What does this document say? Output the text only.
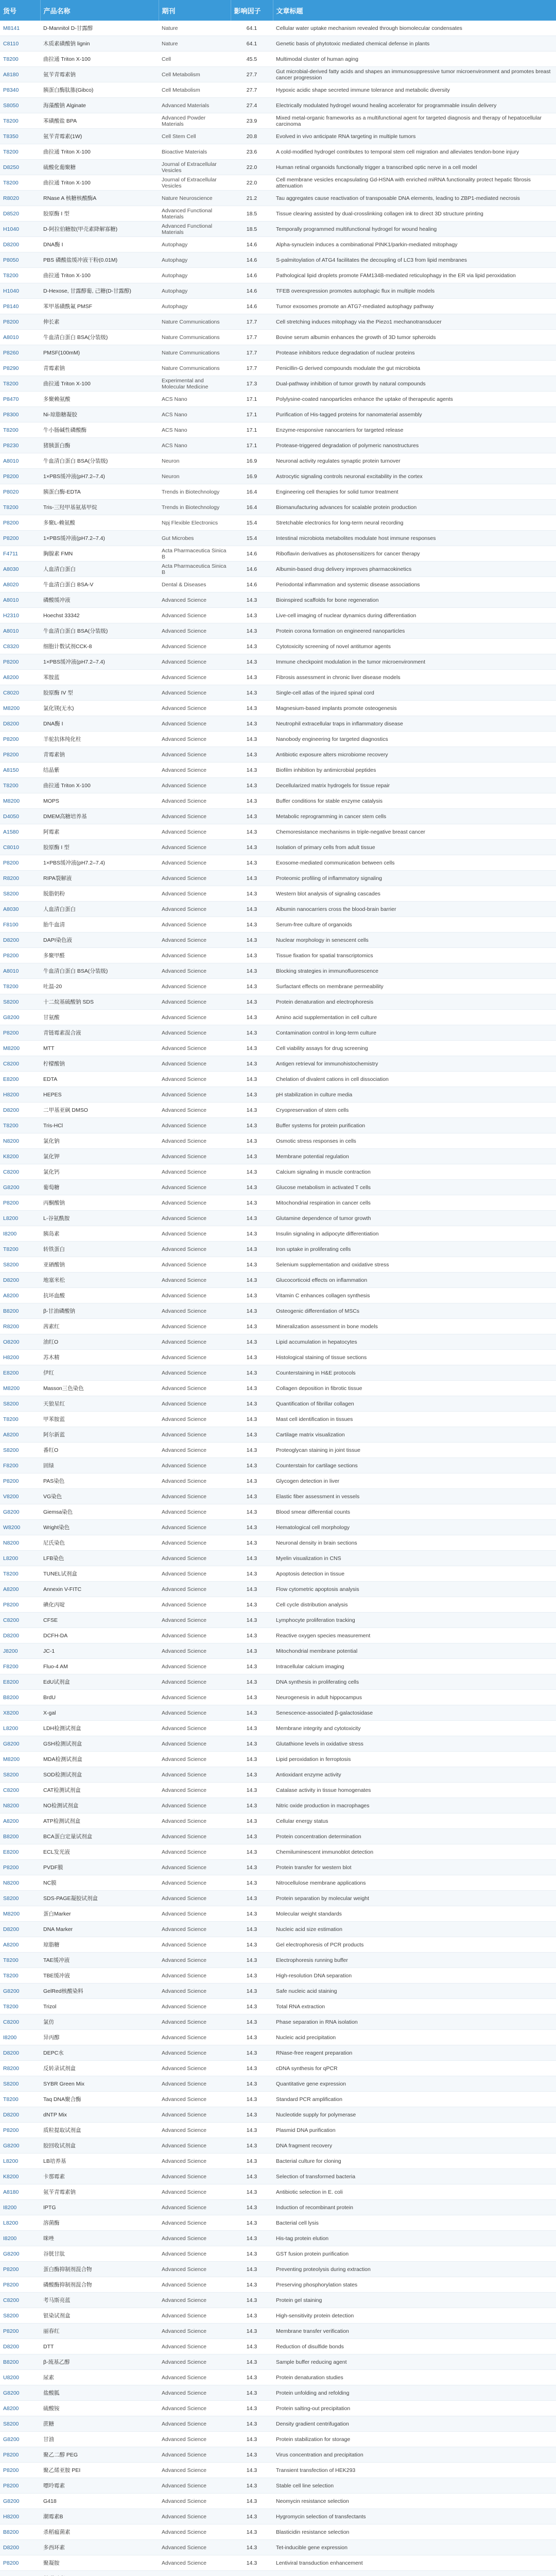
货号	产品名称	期刊	影响因子	文章标题
M8141	D-Mannitol D-甘露醇	Nature	64.1	Cellular water uptake mechanism revealed through biomolecular condensates
C8110	木质素磺酸钠 lignin	Nature	64.1	Genetic basis of phytotoxic mediated chemical defense in plants
T8200	曲拉通 Triton X-100	Cell	45.5	Multimodal cluster of human aging
A8180	氨苄青霉素钠	Cell Metabolism	27.7	Gut microbial-derived fatty acids and shapes an immunosuppressive tumor microenvironment and promotes breast cancer progression
P8340	胰蛋白酶肽胨(Gibco)	Cell Metabolism	27.7	Hypoxic acidic shape secreted immune tolerance and metabolic diversity
S8050	海藻酸钠 Alginate	Advanced Materials	27.4	Electrically modulated hydrogel wound healing accelerator for programmable insulin delivery
T8200	苯磺酸盐 BPA	Advanced Powder Materials	23.9	Mixed metal-organic frameworks as a multifunctional agent for targeted diagnosis and therapy of hepatocellular carcinoma
T8350	氨苄青霉素(1W)	Cell Stem Cell	20.8	Evolved in vivo anticipate RNA targeting in multiple tumors
T8200	曲拉通 Triton X-100	Bioactive Materials	23.6	A cold-modified hydrogel contributes to temporal stem cell migration and alleviates tendon-bone injury
D8250	硫酸化葡聚糖	Journal of Extracellular Vesicles	22.0	Human retinal organoids functionally trigger a transcribed optic nerve in a cell model
T8200	曲拉通 Triton X-100	Journal of Extracellular Vesicles	22.0	Cell membrane vesicles encapsulating Gd-HSNA with enriched miRNA functionality protect hepatic fibrosis attenuation
R8020	RNase A 核糖核酸酶A	Nature Neuroscience	21.2	Tau aggregates cause reactivation of transposable DNA elements, leading to ZBP1-mediated necrosis
D8520	胶原酶 I 型	Advanced Functional Materials	18.5	Tissue clearing assisted by dual-crosslinking collagen ink to direct 3D structure printing
H1040	D-阿拉伯糖胺(甲壳素降解寡糖)	Advanced Functional Materials	18.5	Temporally programmed multifunctional hydrogel for wound healing
D8200	DNA酶 I	Autophagy	14.6	Alpha-synuclein induces a combinational PINK1/parkin-mediated mitophagy
P8050	PBS 磷酸盐缓冲液干粉(0.01M)	Autophagy	14.6	S-palmitoylation of ATG4 facilitates the decoupling of LC3 from lipid membranes
T8200	曲拉通 Triton X-100	Autophagy	14.6	Pathological lipid droplets promote FAM134B-mediated reticulophagy in the ER via lipid peroxidation
H1040	D-Hexose, 甘露醇葡, 己糖(D-甘露醇)	Autophagy	14.6	TFEB overexpression promotes autophagic flux in multiple models
P8140	苯甲基磺酰氟 PMSF	Autophagy	14.6	Tumor exosomes promote an ATG7-mediated autophagy pathway
P8200	伸长素	Nature Communications	17.7	Cell stretching induces mitophagy via the Piezo1 mechanotransducer
A8010	牛血清白蛋白 BSA(分装级)	Nature Communications	17.7	Bovine serum albumin enhances the growth of 3D tumor spheroids
P8260	PMSF(100mM)	Nature Communications	17.7	Protease inhibitors reduce degradation of nuclear proteins
P8290	青霉素钠	Nature Communications	17.7	Penicillin-G derived compounds modulate the gut microbiota
T8200	曲拉通 Triton X-100	Experimental and Molecular Medicine	17.3	Dual-pathway inhibition of tumor growth by natural compounds
P8470	多聚赖氨酸	ACS Nano	17.1	Polylysine-coated nanoparticles enhance the uptake of therapeutic agents
P8300	Ni-琼脂糖凝胶	ACS Nano	17.1	Purification of His-tagged proteins for nanomaterial assembly
T8200	牛小肠碱性磷酸酶	ACS Nano	17.1	Enzyme-responsive nanocarriers for targeted release
P8230	猪胰蛋白酶	ACS Nano	17.1	Protease-triggered degradation of polymeric nanostructures
A8010	牛血清白蛋白 BSA(分装级)	Neuron	16.9	Neuronal activity regulates synaptic protein turnover
P8200	1×PBS缓冲液(pH7.2–7.4)	Neuron	16.9	Astrocytic signaling controls neuronal excitability in the cortex
P8020	胰蛋白酶-EDTA	Trends in Biotechnology	16.4	Engineering cell therapies for solid tumor treatment
T8200	Tris-三羟甲基氨基甲烷	Trends in Biotechnology	16.4	Biomanufacturing advances for scalable protein production
P8200	多聚L-赖氨酸	Npj Flexible Electronics	15.4	Stretchable electronics for long-term neural recording
P8200	1×PBS缓冲液(pH7.2–7.4)	Gut Microbes	15.4	Intestinal microbiota metabolites modulate host immune responses
F4711	胸腺素 FMN	Acta Pharmaceutica Sinica B	14.6	Riboflavin derivatives as photosensitizers for cancer therapy
A8030	人血清白蛋白	Acta Pharmaceutica Sinica B	14.6	Albumin-based drug delivery improves pharmacokinetics
A8020	牛血清白蛋白 BSA-V	Dental & Diseases	14.6	Periodontal inflammation and systemic disease associations
A8010	磷酸缓冲液	Advanced Science	14.3	Bioinspired scaffolds for bone regeneration
H2310	Hoechst 33342	Advanced Science	14.3	Live-cell imaging of nuclear dynamics during differentiation
A8010	牛血清白蛋白 BSA(分装级)	Advanced Science	14.3	Protein corona formation on engineered nanoparticles
C8320	细胞计数试剂CCK-8	Advanced Science	14.3	Cytotoxicity screening of novel antitumor agents
P8200	1×PBS缓冲液(pH7.2–7.4)	Advanced Science	14.3	Immune checkpoint modulation in the tumor microenvironment
A8200	苯胺蓝	Advanced Science	14.3	Fibrosis assessment in chronic liver disease models
C8020	胶原酶 IV 型	Advanced Science	14.3	Single-cell atlas of the injured spinal cord
M8200	氯化镁(无水)	Advanced Science	14.3	Magnesium-based implants promote osteogenesis
D8200	DNA酶 I	Advanced Science	14.3	Neutrophil extracellular traps in inflammatory disease
P8200	羊驼抗体纯化柱	Advanced Science	14.3	Nanobody engineering for targeted diagnostics
P8200	青霉素钠	Advanced Science	14.3	Antibiotic exposure alters microbiome recovery
A8150	结晶紫	Advanced Science	14.3	Biofilm inhibition by antimicrobial peptides
T8200	曲拉通 Triton X-100	Advanced Science	14.3	Decellularized matrix hydrogels for tissue repair
M8200	MOPS	Advanced Science	14.3	Buffer conditions for stable enzyme catalysis
D4050	DMEM高糖培养基	Advanced Science	14.3	Metabolic reprogramming in cancer stem cells
A1580	阿霉素	Advanced Science	14.3	Chemoresistance mechanisms in triple-negative breast cancer
C8010	胶原酶 I 型	Advanced Science	14.3	Isolation of primary cells from adult tissue
P8200	1×PBS缓冲液(pH7.2–7.4)	Advanced Science	14.3	Exosome-mediated communication between cells
R8200	RIPA裂解液	Advanced Science	14.3	Proteomic profiling of inflammatory signaling
S8200	脱脂奶粉	Advanced Science	14.3	Western blot analysis of signaling cascades
A8030	人血清白蛋白	Advanced Science	14.3	Albumin nanocarriers cross the blood-brain barrier
F8100	胎牛血清	Advanced Science	14.3	Serum-free culture of organoids
D8200	DAPI染色液	Advanced Science	14.3	Nuclear morphology in senescent cells
P8200	多聚甲醛	Advanced Science	14.3	Tissue fixation for spatial transcriptomics
A8010	牛血清白蛋白 BSA(分装级)	Advanced Science	14.3	Blocking strategies in immunofluorescence
T8200	吐温-20	Advanced Science	14.3	Surfactant effects on membrane permeability
S8200	十二烷基硫酸钠 SDS	Advanced Science	14.3	Protein denaturation and electrophoresis
G8200	甘氨酸	Advanced Science	14.3	Amino acid supplementation in cell culture
P8200	青链霉素混合液	Advanced Science	14.3	Contamination control in long-term culture
M8200	MTT	Advanced Science	14.3	Cell viability assays for drug screening
C8200	柠檬酸钠	Advanced Science	14.3	Antigen retrieval for immunohistochemistry
E8200	EDTA	Advanced Science	14.3	Chelation of divalent cations in cell dissociation
H8200	HEPES	Advanced Science	14.3	pH stabilization in culture media
D8200	二甲基亚砜 DMSO	Advanced Science	14.3	Cryopreservation of stem cells
T8200	Tris-HCl	Advanced Science	14.3	Buffer systems for protein purification
N8200	氯化钠	Advanced Science	14.3	Osmotic stress responses in cells
K8200	氯化钾	Advanced Science	14.3	Membrane potential regulation
C8200	氯化钙	Advanced Science	14.3	Calcium signaling in muscle contraction
G8200	葡萄糖	Advanced Science	14.3	Glucose metabolism in activated T cells
P8200	丙酮酸钠	Advanced Science	14.3	Mitochondrial respiration in cancer cells
L8200	L-谷氨酰胺	Advanced Science	14.3	Glutamine dependence of tumor growth
I8200	胰岛素	Advanced Science	14.3	Insulin signaling in adipocyte differentiation
T8200	转铁蛋白	Advanced Science	14.3	Iron uptake in proliferating cells
S8200	亚硒酸钠	Advanced Science	14.3	Selenium supplementation and oxidative stress
D8200	地塞米松	Advanced Science	14.3	Glucocorticoid effects on inflammation
A8200	抗坏血酸	Advanced Science	14.3	Vitamin C enhances collagen synthesis
B8200	β-甘油磷酸钠	Advanced Science	14.3	Osteogenic differentiation of MSCs
R8200	茜素红	Advanced Science	14.3	Mineralization assessment in bone models
O8200	油红O	Advanced Science	14.3	Lipid accumulation in hepatocytes
H8200	苏木精	Advanced Science	14.3	Histological staining of tissue sections
E8200	伊红	Advanced Science	14.3	Counterstaining in H&E protocols
M8200	Masson三色染色	Advanced Science	14.3	Collagen deposition in fibrotic tissue
S8200	天狼星红	Advanced Science	14.3	Quantification of fibrillar collagen
T8200	甲苯胺蓝	Advanced Science	14.3	Mast cell identification in tissues
A8200	阿尔新蓝	Advanced Science	14.3	Cartilage matrix visualization
S8200	番红O	Advanced Science	14.3	Proteoglycan staining in joint tissue
F8200	固绿	Advanced Science	14.3	Counterstain for cartilage sections
P8200	PAS染色	Advanced Science	14.3	Glycogen detection in liver
V8200	VG染色	Advanced Science	14.3	Elastic fiber assessment in vessels
G8200	Giemsa染色	Advanced Science	14.3	Blood smear differential counts
W8200	Wright染色	Advanced Science	14.3	Hematological cell morphology
N8200	尼氏染色	Advanced Science	14.3	Neuronal density in brain sections
L8200	LFB染色	Advanced Science	14.3	Myelin visualization in CNS
T8200	TUNEL试剂盒	Advanced Science	14.3	Apoptosis detection in tissue
A8200	Annexin V-FITC	Advanced Science	14.3	Flow cytometric apoptosis analysis
P8200	碘化丙啶	Advanced Science	14.3	Cell cycle distribution analysis
C8200	CFSE	Advanced Science	14.3	Lymphocyte proliferation tracking
D8200	DCFH-DA	Advanced Science	14.3	Reactive oxygen species measurement
J8200	JC-1	Advanced Science	14.3	Mitochondrial membrane potential
F8200	Fluo-4 AM	Advanced Science	14.3	Intracellular calcium imaging
E8200	EdU试剂盒	Advanced Science	14.3	DNA synthesis in proliferating cells
B8200	BrdU	Advanced Science	14.3	Neurogenesis in adult hippocampus
X8200	X-gal	Advanced Science	14.3	Senescence-associated β-galactosidase
L8200	LDH检测试剂盒	Advanced Science	14.3	Membrane integrity and cytotoxicity
G8200	GSH检测试剂盒	Advanced Science	14.3	Glutathione levels in oxidative stress
M8200	MDA检测试剂盒	Advanced Science	14.3	Lipid peroxidation in ferroptosis
S8200	SOD检测试剂盒	Advanced Science	14.3	Antioxidant enzyme activity
C8200	CAT检测试剂盒	Advanced Science	14.3	Catalase activity in tissue homogenates
N8200	NO检测试剂盒	Advanced Science	14.3	Nitric oxide production in macrophages
A8200	ATP检测试剂盒	Advanced Science	14.3	Cellular energy status
B8200	BCA蛋白定量试剂盒	Advanced Science	14.3	Protein concentration determination
E8200	ECL发光液	Advanced Science	14.3	Chemiluminescent immunoblot detection
P8200	PVDF膜	Advanced Science	14.3	Protein transfer for western blot
N8200	NC膜	Advanced Science	14.3	Nitrocellulose membrane applications
S8200	SDS-PAGE凝胶试剂盒	Advanced Science	14.3	Protein separation by molecular weight
M8200	蛋白Marker	Advanced Science	14.3	Molecular weight standards
D8200	DNA Marker	Advanced Science	14.3	Nucleic acid size estimation
A8200	琼脂糖	Advanced Science	14.3	Gel electrophoresis of PCR products
T8200	TAE缓冲液	Advanced Science	14.3	Electrophoresis running buffer
T8200	TBE缓冲液	Advanced Science	14.3	High-resolution DNA separation
G8200	GelRed核酸染料	Advanced Science	14.3	Safe nucleic acid staining
T8200	Trizol	Advanced Science	14.3	Total RNA extraction
C8200	氯仿	Advanced Science	14.3	Phase separation in RNA isolation
I8200	异丙醇	Advanced Science	14.3	Nucleic acid precipitation
D8200	DEPC水	Advanced Science	14.3	RNase-free reagent preparation
R8200	反转录试剂盒	Advanced Science	14.3	cDNA synthesis for qPCR
S8200	SYBR Green Mix	Advanced Science	14.3	Quantitative gene expression
T8200	Taq DNA聚合酶	Advanced Science	14.3	Standard PCR amplification
D8200	dNTP Mix	Advanced Science	14.3	Nucleotide supply for polymerase
P8200	质粒提取试剂盒	Advanced Science	14.3	Plasmid DNA purification
G8200	胶回收试剂盒	Advanced Science	14.3	DNA fragment recovery
L8200	LB培养基	Advanced Science	14.3	Bacterial culture for cloning
K8200	卡那霉素	Advanced Science	14.3	Selection of transformed bacteria
A8180	氨苄青霉素钠	Advanced Science	14.3	Antibiotic selection in E. coli
I8200	IPTG	Advanced Science	14.3	Induction of recombinant protein
L8200	溶菌酶	Advanced Science	14.3	Bacterial cell lysis
I8200	咪唑	Advanced Science	14.3	His-tag protein elution
G8200	谷胱甘肽	Advanced Science	14.3	GST fusion protein purification
P8200	蛋白酶抑制剂混合物	Advanced Science	14.3	Preventing proteolysis during extraction
P8200	磷酸酶抑制剂混合物	Advanced Science	14.3	Preserving phosphorylation states
C8200	考马斯亮蓝	Advanced Science	14.3	Protein gel staining
S8200	银染试剂盒	Advanced Science	14.3	High-sensitivity protein detection
P8200	丽春红	Advanced Science	14.3	Membrane transfer verification
D8200	DTT	Advanced Science	14.3	Reduction of disulfide bonds
B8200	β-巯基乙醇	Advanced Science	14.3	Sample buffer reducing agent
U8200	尿素	Advanced Science	14.3	Protein denaturation studies
G8200	盐酸胍	Advanced Science	14.3	Protein unfolding and refolding
A8200	硫酸铵	Advanced Science	14.3	Protein salting-out precipitation
S8200	蔗糖	Advanced Science	14.3	Density gradient centrifugation
G8200	甘油	Advanced Science	14.3	Protein stabilization for storage
P8200	聚乙二醇 PEG	Advanced Science	14.3	Virus concentration and precipitation
P8200	聚乙烯亚胺 PEI	Advanced Science	14.3	Transient transfection of HEK293
P8200	嘌呤霉素	Advanced Science	14.3	Stable cell line selection
G8200	G418	Advanced Science	14.3	Neomycin resistance selection
H8200	潮霉素B	Advanced Science	14.3	Hygromycin selection of transfectants
B8200	杀稻瘟菌素	Advanced Science	14.3	Blasticidin resistance selection
D8200	多西环素	Advanced Science	14.3	Tet-inducible gene expression
P8200	聚凝胺	Advanced Science	14.3	Lentiviral transduction enhancement
